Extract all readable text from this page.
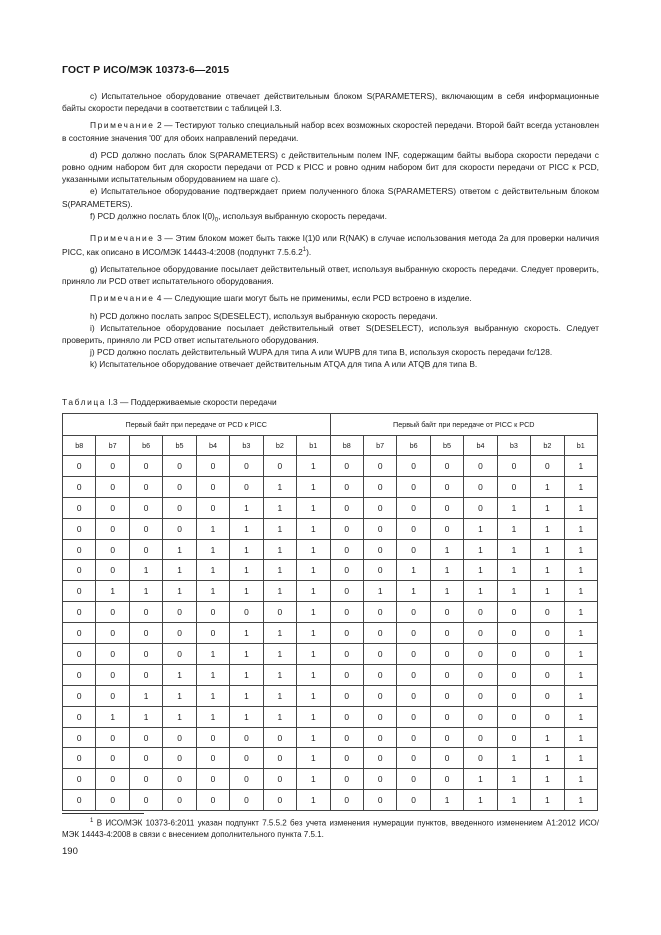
ГОСТ Р ИСО/МЭК 10373-6—2015

c) Испытательное оборудование отвечает действительным блоком S(PARAMETERS), включающим в себя информационные байты скорости передачи в соответствии с таблицей I.3.

Примечание 2 — Тестируют только специальный набор всех возможных скоростей передачи. Второй байт всегда установлен в состояние значения '00' для обоих направлений передачи.

d) PCD должно послать блок S(PARAMETERS) с действительным полем INF, содержащим байты выбора скорости передачи с ровно одним набором бит для скорости передачи от PCD к PICC и ровно одним набором бит для скорости передачи от PICC к PCD, указанными испытательным оборудованием на шаге c).

e) Испытательное оборудование подтверждает прием полученного блока S(PARAMETERS) ответом с действительным блоком S(PARAMETERS).

f) PCD должно послать блок $I(0)_0$, используя выбранную скорость передачи.

Примечание 3 — Этим блоком может быть также I(1)0 или R(NAK) в случае использования метода 2а для проверки наличия PICC, как описано в ИСО/МЭК 14443-4:2008 (подпункт 7.5.6.2$^1$).

g) Испытательное оборудование посылает действительный ответ, используя выбранную скорость передачи. Следует проверить, приняло ли PCD ответ испытательного оборудования.

Примечание 4 — Следующие шаги могут быть не применимы, если PCD встроено в изделие.

h) PCD должно послать запрос S(DESELECT), используя выбранную скорость передачи.

i) Испытательное оборудование посылает действительный ответ S(DESELECT), используя выбранную скорость. Следует проверить, приняло ли PCD ответ испытательного оборудования.

j) PCD должно послать действительный WUPA для типа A или WUPB для типа B, используя скорость передачи fc/128.

k) Испытательное оборудование отвечает действительным ATQA для типа A или ATQB для типа B.

Таблица I.3 — Поддерживаемые скорости передачи
Первый байт при передаче от PCD к PICC								Первый байт при передаче от PICC к PCD							
b8	b7	b6	b5	b4	b3	b2	b1	b8	b7	b6	b5	b4	b3	b2	b1
0	0	0	0	0	0	0	1	0	0	0	0	0	0	0	1
0	0	0	0	0	0	1	1	0	0	0	0	0	0	1	1
0	0	0	0	0	1	1	1	0	0	0	0	0	1	1	1
0	0	0	0	1	1	1	1	0	0	0	0	1	1	1	1
0	0	0	1	1	1	1	1	0	0	0	1	1	1	1	1
0	0	1	1	1	1	1	1	0	0	1	1	1	1	1	1
0	1	1	1	1	1	1	1	0	1	1	1	1	1	1	1
0	0	0	0	0	0	0	1	0	0	0	0	0	0	0	1
0	0	0	0	0	1	1	1	0	0	0	0	0	0	0	1
0	0	0	0	1	1	1	1	0	0	0	0	0	0	0	1
0	0	0	1	1	1	1	1	0	0	0	0	0	0	0	1
0	0	1	1	1	1	1	1	0	0	0	0	0	0	0	1
0	1	1	1	1	1	1	1	0	0	0	0	0	0	0	1
0	0	0	0	0	0	0	1	0	0	0	0	0	0	1	1
0	0	0	0	0	0	0	1	0	0	0	0	0	1	1	1
0	0	0	0	0	0	0	1	0	0	0	0	1	1	1	1
0	0	0	0	0	0	0	1	0	0	0	1	1	1	1	1

$^1$ В ИСО/МЭК 10373-6:2011 указан подпункт 7.5.5.2 без учета изменения нумерации пунктов, введенного изменением A1:2012 ИСО/МЭК 14443-4:2008 в связи с внесением дополнительного пункта 7.5.1.

190
